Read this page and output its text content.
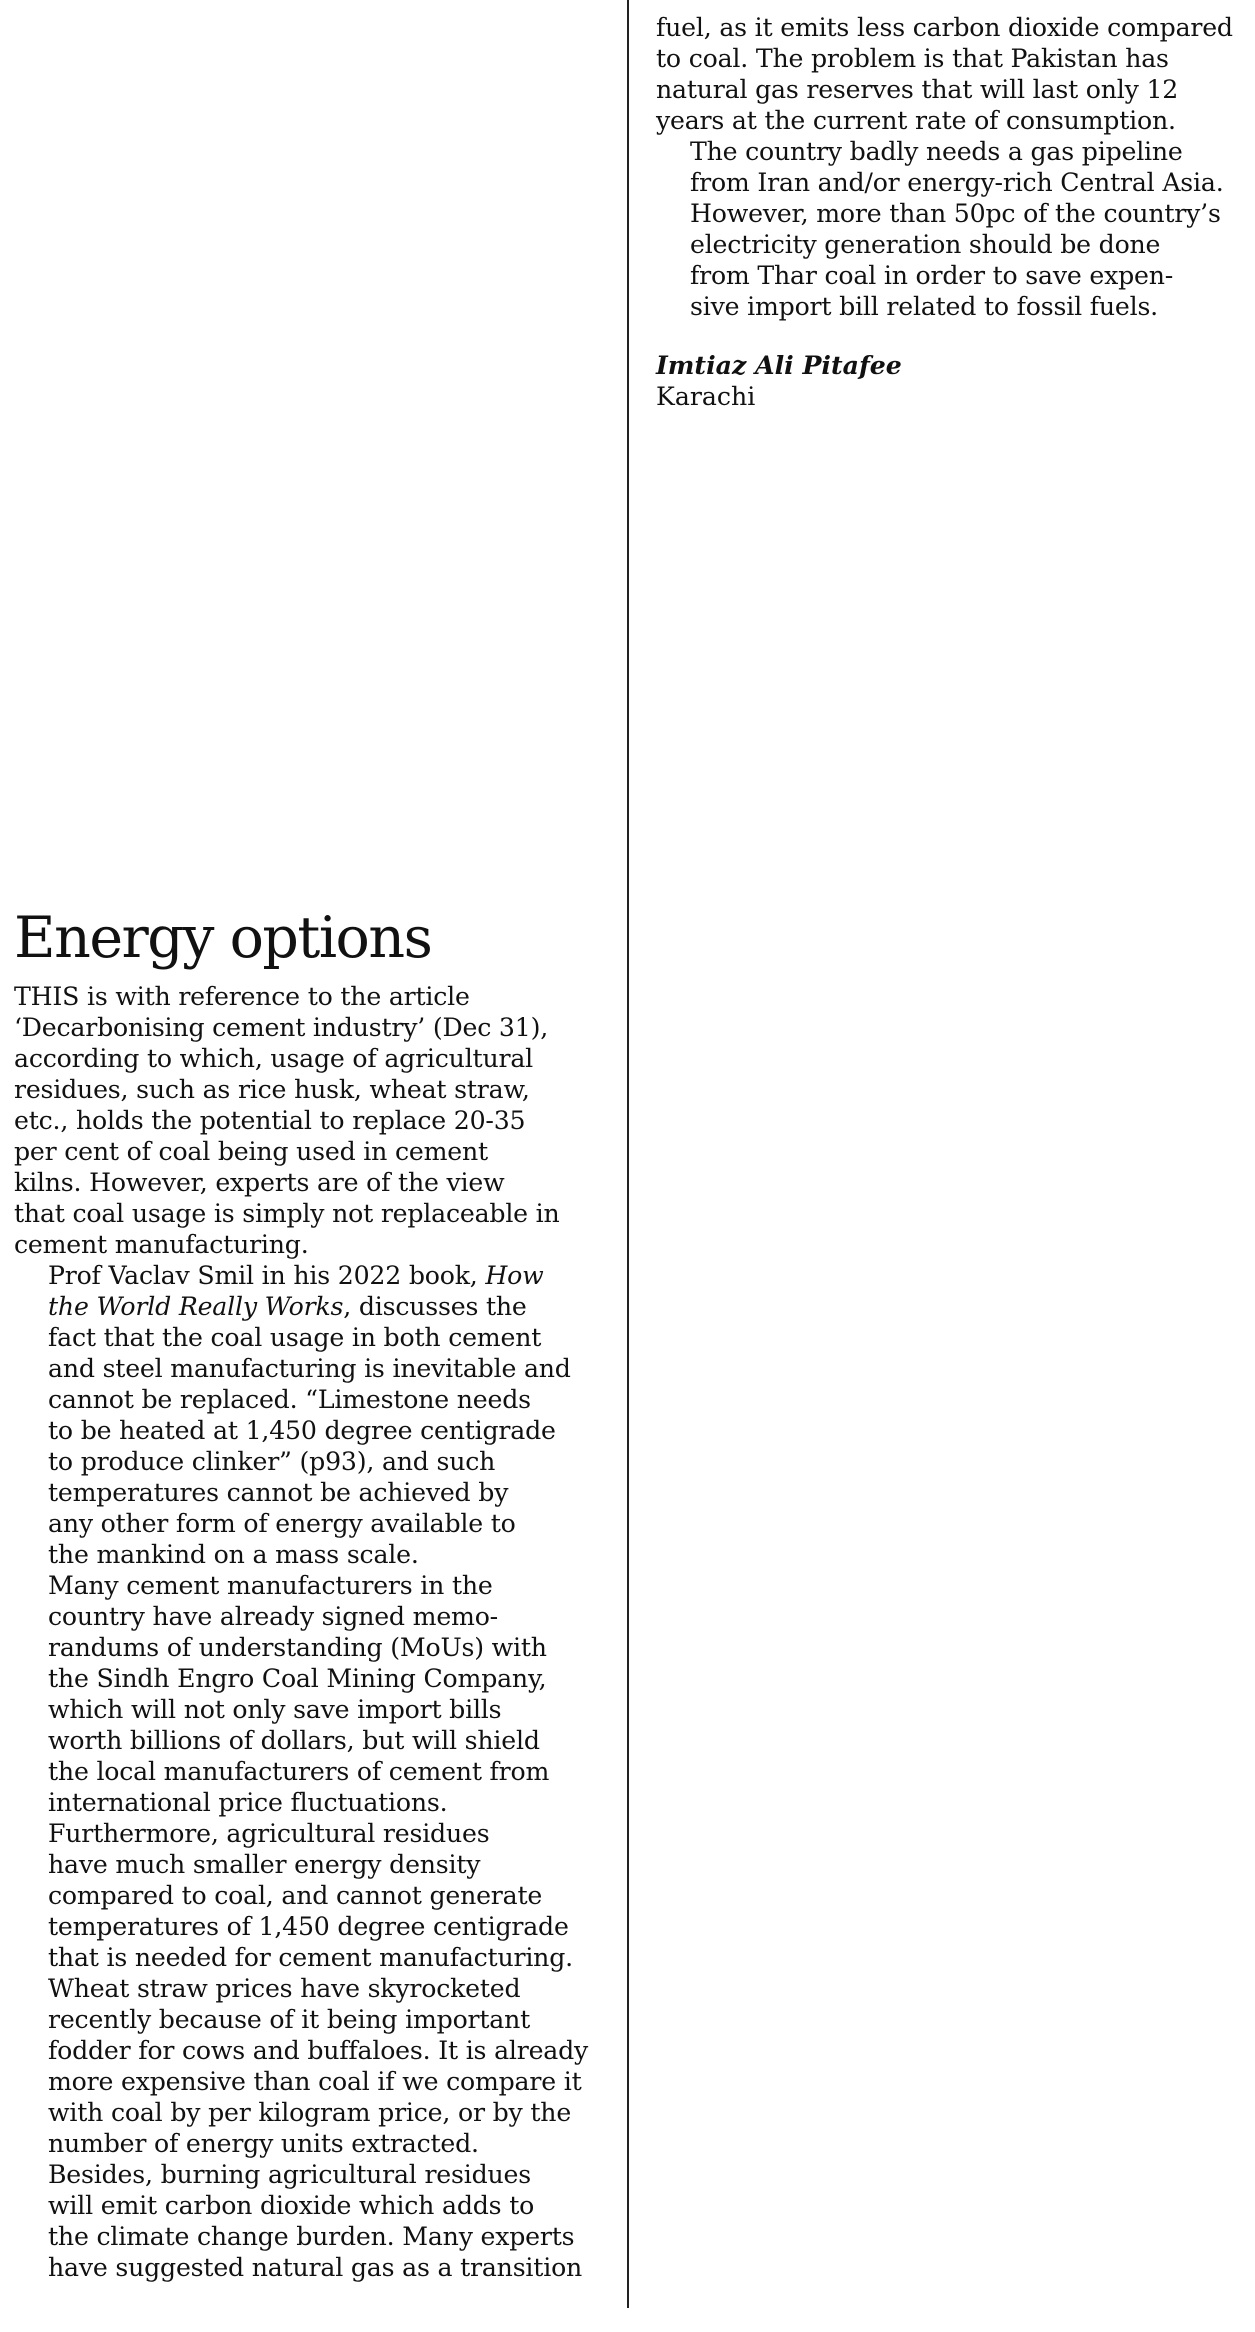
fuel, as it emits less carbon dioxide compared
to coal. The problem is that Pakistan has
natural gas reserves that will last only 12
years at the current rate of consumption.

The country badly needs a gas pipeline
from Iran and/or energy-rich Central Asia.
However, more than 50pc of the country’s
electricity generation should be done
from Thar coal in order to save expen-
sive import bill related to fossil fuels.

Imtiaz Ali Pitafee
Karachi
Energy options

THIS is with reference to the article
‘Decarbonising cement industry’ (Dec 31),
according to which, usage of agricultural
residues, such as rice husk, wheat straw,
etc., holds the potential to replace 20-35
per cent of coal being used in cement
kilns. However, experts are of the view
that coal usage is simply not replaceable in
cement manufacturing.

Prof Vaclav Smil in his 2022 book, How
the World Really Works, discusses the
fact that the coal usage in both cement
and steel manufacturing is inevitable and
cannot be replaced. “Limestone needs
to be heated at 1,450 degree centigrade
to produce clinker” (p93), and such
temperatures cannot be achieved by
any other form of energy available to
the mankind on a mass scale.

Many cement manufacturers in the
country have already signed memo-
randums of understanding (MoUs) with
the Sindh Engro Coal Mining Company,
which will not only save import bills
worth billions of dollars, but will shield
the local manufacturers of cement from
international price fluctuations.

Furthermore, agricultural residues
have much smaller energy density
compared to coal, and cannot generate
temperatures of 1,450 degree centigrade
that is needed for cement manufacturing.
Wheat straw prices have skyrocketed
recently because of it being important
fodder for cows and buffaloes. It is already
more expensive than coal if we compare it
with coal by per kilogram price, or by the
number of energy units extracted.

Besides, burning agricultural residues
will emit carbon dioxide which adds to
the climate change burden. Many experts
have suggested natural gas as a transition
